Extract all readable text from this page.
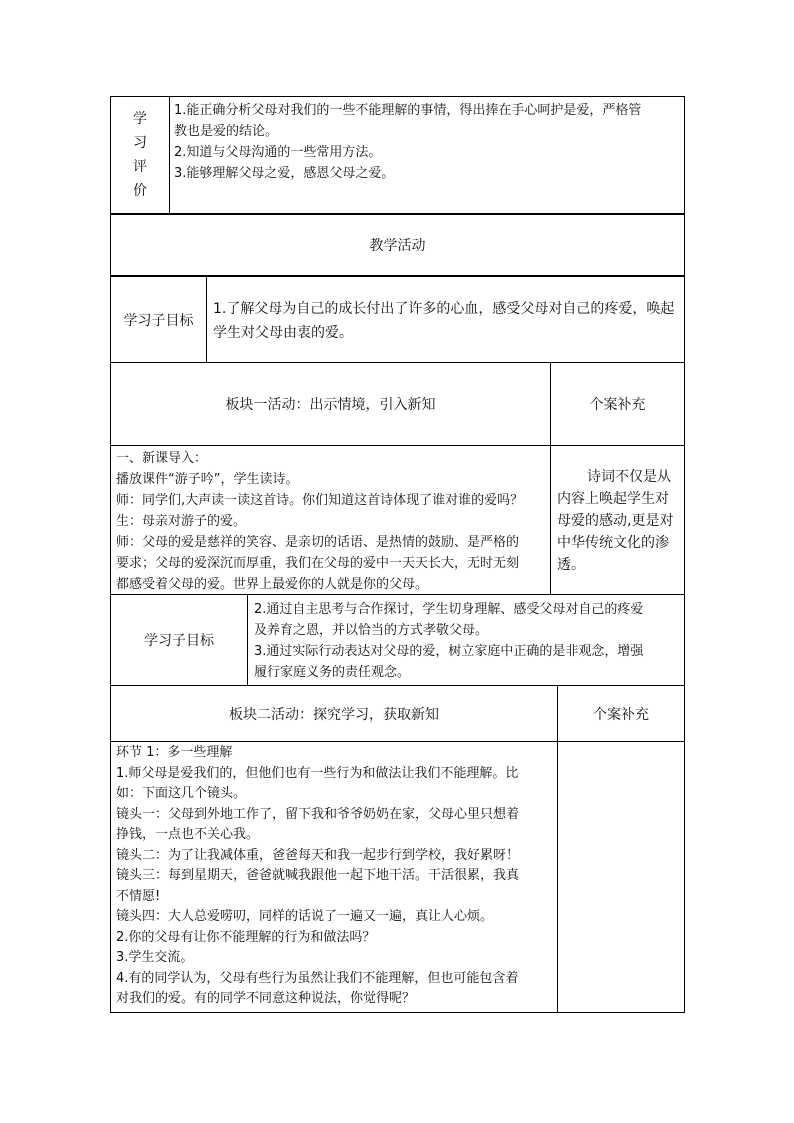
学
习
评
价
1.能正确分析父母对我们的一些不能理解的事情，得出捧在手心呵护是爱，严格管
教也是爱的结论。
2.知道与父母沟通的一些常用方法。
3.能够理解父母之爱，感恩父母之爱。
教学活动
学习子目标
1.了解父母为自己的成长付出了许多的心血，感受父母对自己的疼爱，唤起
学生对父母由衷的爱。
板块一活动：出示情境，引入新知	个案补充
一、新课导入：
播放课件“游子吟”，学生读诗。
师：同学们,大声读一读这首诗。你们知道这首诗体现了谁对谁的爱吗？
生：母亲对游子的爱。
师：父母的爱是慈祥的笑容、是亲切的话语、是热情的鼓励、是严格的
要求；父母的爱深沉而厚重，我们在父母的爱中一天天长大，无时无刻
都感受着父母的爱。世界上最爱你的人就是你的父母。
诗词不仅是从
内容上唤起学生对
母爱的感动,更是对
中华传统文化的渗
透。
学习子目标
2.通过自主思考与合作探讨，学生切身理解、感受父母对自己的疼爱
及养育之恩，并以恰当的方式孝敬父母。
3.通过实际行动表达对父母的爱，树立家庭中正确的是非观念，增强
履行家庭义务的责任观念。
板块二活动：探究学习，获取新知	个案补充
环节 1：多一些理解
1.师父母是爱我们的，但他们也有一些行为和做法让我们不能理解。比
如：下面这几个镜头。
镜头一：父母到外地工作了，留下我和爷爷奶奶在家，父母心里只想着
挣钱，一点也不关心我。
镜头二：为了让我减体重，爸爸每天和我一起步行到学校，我好累呀！
镜头三：每到星期天，爸爸就喊我跟他一起下地干活。干活很累，我真
不情愿!
镜头四：大人总爱唠叨，同样的话说了一遍又一遍，真让人心烦。
2.你的父母有让你不能理解的行为和做法吗？
3.学生交流。
4.有的同学认为，父母有些行为虽然让我们不能理解，但也可能包含着
对我们的爱。有的同学不同意这种说法，你觉得呢？
